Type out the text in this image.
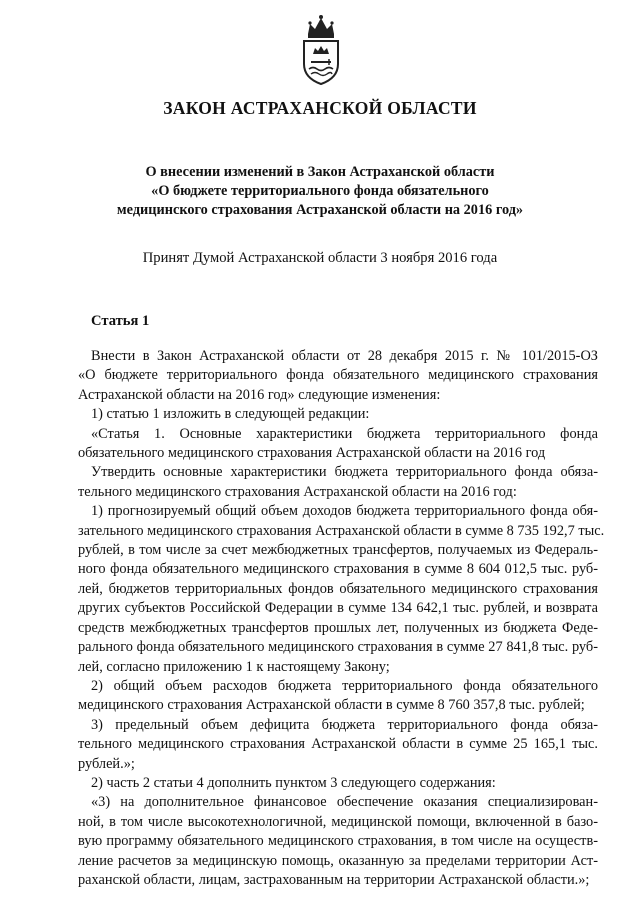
ЗАКОН АСТРАХАНСКОЙ ОБЛАСТИ
О внесении изменений в Закон Астраханской области
«О бюджете территориального фонда обязательного
медицинского страхования Астраханской области на 2016 год»
Принят Думой Астраханской области 3 ноября 2016 года
Статья 1
Внести в Закон Астраханской области от 28 декабря 2015 г. № 101/2015-ОЗ
«О бюджете территориального фонда обязательного медицинского страхования
Астраханской области на 2016 год» следующие изменения:
1) статью 1 изложить в следующей редакции:
«Статья 1. Основные характеристики бюджета территориального фонда
обязательного медицинского страхования Астраханской области на 2016 год
Утвердить основные характеристики бюджета территориального фонда обяза-
тельного медицинского страхования Астраханской области на 2016 год:
1) прогнозируемый общий объем доходов бюджета территориального фонда обя-
зательного медицинского страхования Астраханской области в сумме 8 735 192,7 тыс.
рублей, в том числе за счет межбюджетных трансфертов, получаемых из Федераль-
ного фонда обязательного медицинского страхования в сумме 8 604 012,5 тыс. руб-
лей, бюджетов территориальных фондов обязательного медицинского страхования
других субъектов Российской Федерации в сумме 134 642,1 тыс. рублей, и возврата
средств межбюджетных трансфертов прошлых лет, полученных из бюджета Феде-
рального фонда обязательного медицинского страхования в сумме 27 841,8 тыс. руб-
лей, согласно приложению 1 к настоящему Закону;
2) общий объем расходов бюджета территориального фонда обязательного
медицинского страхования Астраханской области в сумме 8 760 357,8 тыс. рублей;
3) предельный объем дефицита бюджета территориального фонда обяза-
тельного медицинского страхования Астраханской области в сумме 25 165,1 тыс.
рублей.»;
2) часть 2 статьи 4 дополнить пунктом 3 следующего содержания:
«3) на дополнительное финансовое обеспечение оказания специализирован-
ной, в том числе высокотехнологичной, медицинской помощи, включенной в базо-
вую программу обязательного медицинского страхования, в том числе на осуществ-
ление расчетов за медицинскую помощь, оказанную за пределами территории Аст-
раханской области, лицам, застрахованным на территории Астраханской области.»;
